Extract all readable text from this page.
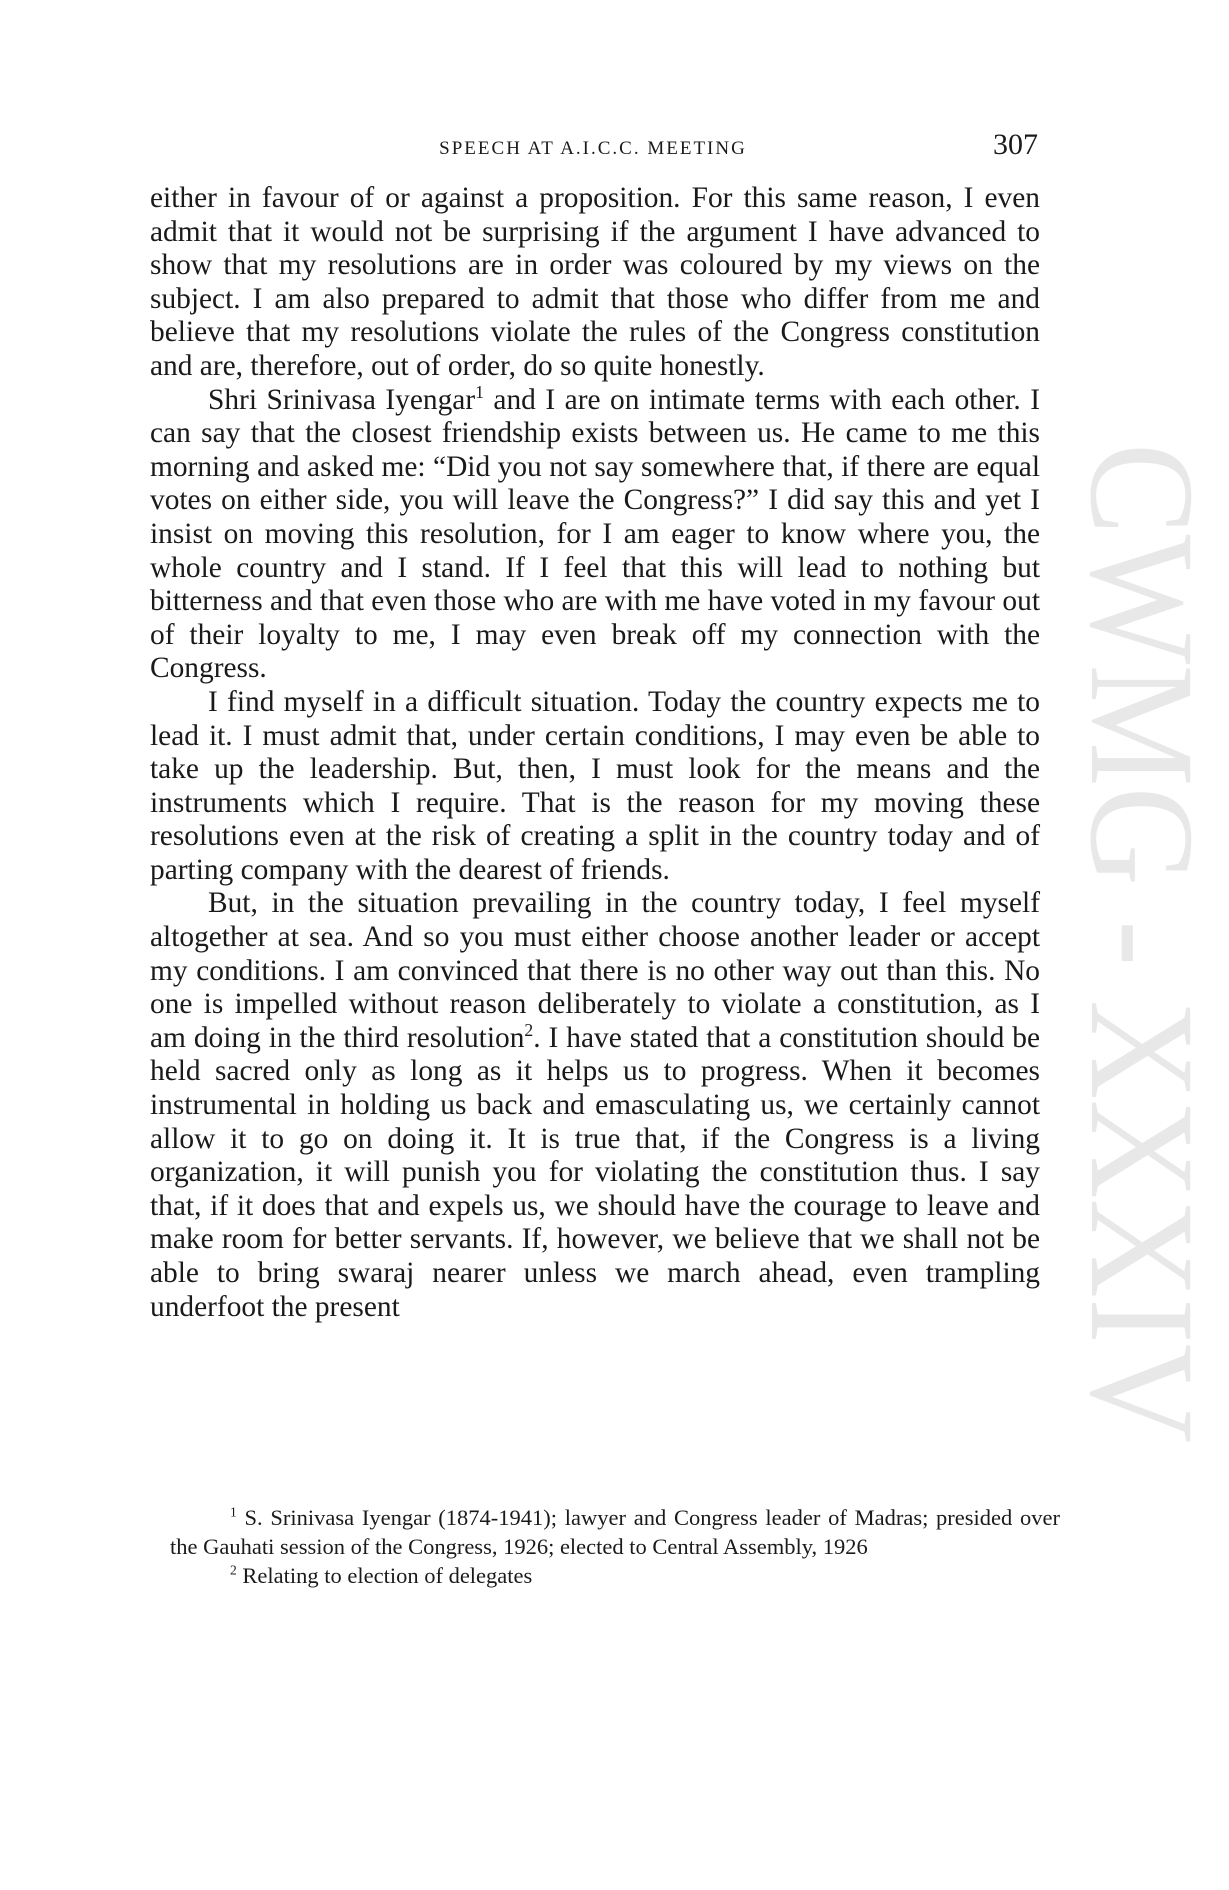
SPEECH AT A.I.C.C. MEETING	307

either in favour of or against a proposition. For this same reason, I even admit that it would not be surprising if the argument I have advanced to show that my resolutions are in order was coloured by my views on the subject. I am also prepared to admit that those who differ from me and believe that my resolutions violate the rules of the Congress constitution and are, therefore, out of order, do so quite honestly.

Shri Srinivasa Iyengar$^1$ and I are on intimate terms with each other. I can say that the closest friendship exists between us. He came to me this morning and asked me: “Did you not say somewhere that, if there are equal votes on either side, you will leave the Congress?” I did say this and yet I insist on moving this resolution, for I am eager to know where you, the whole country and I stand. If I feel that this will lead to nothing but bitterness and that even those who are with me have voted in my favour out of their loyalty to me, I may even break off my connection with the Congress.

I find myself in a difficult situation. Today the country expects me to lead it. I must admit that, under certain conditions, I may even be able to take up the leadership. But, then, I must look for the means and the instruments which I require. That is the reason for my moving these resolutions even at the risk of creating a split in the country today and of parting company with the dearest of friends.

But, in the situation prevailing in the country today, I feel myself altogether at sea. And so you must either choose another leader or accept my conditions. I am convinced that there is no other way out than this. No one is impelled without reason deliberately to violate a constitution, as I am doing in the third resolution$^2$. I have stated that a constitution should be held sacred only as long as it helps us to progress. When it becomes instrumental in holding us back and emasculating us, we certainly cannot allow it to go on doing it. It is true that, if the Congress is a living organization, it will punish you for violating the constitution thus. I say that, if it does that and expels us, we should have the courage to leave and make room for better servants. If, however, we believe that we shall not be able to bring swaraj nearer unless we march ahead, even trampling underfoot the present

$^1$ S. Srinivasa Iyengar (1874-1941); lawyer and Congress leader of Madras; presided over the Gauhati session of the Congress, 1926; elected to Central Assembly, 1926

$^2$ Relating to election of delegates

CWMG - XXXIV
